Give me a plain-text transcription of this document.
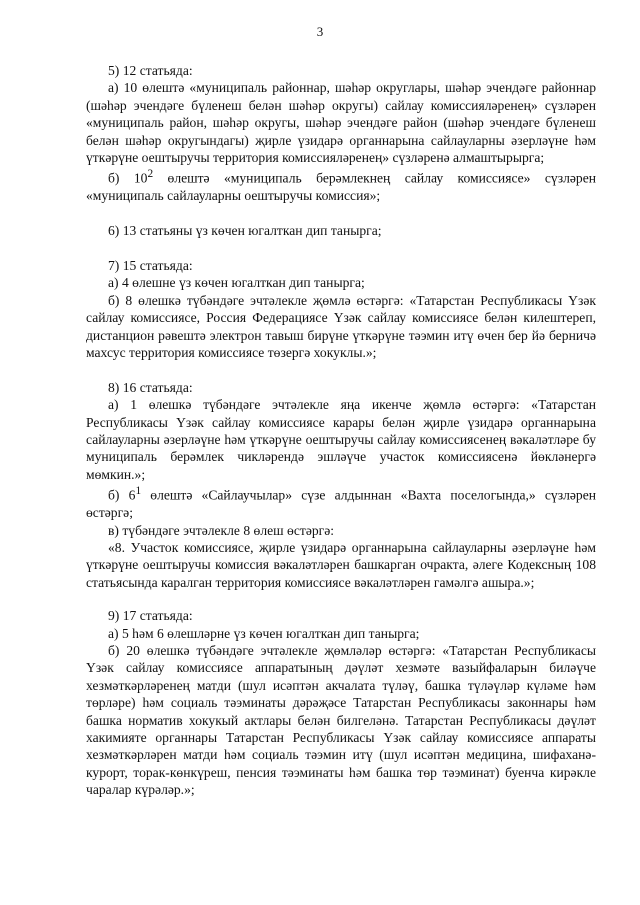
3

5) 12 статьяда:

а) 10 өлештә «муниципаль районнар, шәһәр округлары, шәһәр эчендәге районнар (шәһәр эчендәге бүленеш белән шәһәр округы) сайлау комиссияләренең» сүзләрен «муниципаль район, шәһәр округы, шәһәр эчендәге район (шәһәр эчендәге бүленеш белән шәһәр округындагы) җирле үзидарә органнарына сайлауларны әзерләүне һәм үткәрүне оештыручы территория комиссияләренең» сүзләренә алмаштырырга;

б) $10^2$ өлештә «муниципаль берәмлекнең сайлау комиссиясе» сүзләрен «муниципаль сайлауларны оештыручы комиссия»;

6) 13 статьяны үз көчен югалткан дип танырга;

7) 15 статьяда:

а) 4 өлешне үз көчен югалткан дип танырга;

б) 8 өлешкә түбәндәге эчтәлекле җөмлә өстәргә: «Татарстан Республикасы Үзәк сайлау комиссиясе, Россия Федерациясе Үзәк сайлау комиссиясе белән килештереп, дистанцион рәвештә электрон тавыш бирүне үткәрүне тәэмин итү өчен бер йә берничә махсус территория комиссиясе төзергә хокуклы.»;

8) 16 статьяда:

а) 1 өлешкә түбәндәге эчтәлекле яңа икенче җөмлә өстәргә: «Татарстан Республикасы Үзәк сайлау комиссиясе карары белән җирле үзидарә органнарына сайлауларны әзерләүне һәм үткәрүне оештыручы сайлау комиссиясенең вәкаләтләре бу муниципаль берәмлек чикләрендә эшләүче участок комиссиясенә йөкләнергә мөмкин.»;

б) $6^1$ өлештә «Сайлаучылар» сүзе алдыннан «Вахта поселогында,» сүзләрен өстәргә;

в) түбәндәге эчтәлекле 8 өлеш өстәргә:

«8. Участок комиссиясе, җирле үзидарә органнарына сайлауларны әзерләүне һәм үткәрүне оештыручы комиссия вәкаләтләрен башкарган очракта, әлеге Кодексның 108 статьясында каралган территория комиссиясе вәкаләтләрен гамәлгә ашыра.»;

9) 17 статьяда:

а) 5 һәм 6 өлешләрне үз көчен югалткан дип танырга;

б) 20 өлешкә түбәндәге эчтәлекле җөмләләр өстәргә: «Татарстан Республикасы Үзәк сайлау комиссиясе аппаратының дәүләт хезмәте вазыйфаларын биләүче хезмәткәрләренең матди (шул исәптән акчалата түләү, башка түләүләр күләме һәм төрләре) һәм социаль тәэминаты дәрәҗәсе Татарстан Республикасы законнары һәм башка норматив хокукый актлары белән билгеләнә. Татарстан Республикасы дәүләт хакимияте органнары Татарстан Республикасы Үзәк сайлау комиссиясе аппараты хезмәткәрләрен матди һәм социаль тәэмин итү (шул исәптән медицина, шифаханә-курорт, торак-көнкүреш, пенсия тәэминаты һәм башка төр тәэминат) буенча кирәкле чаралар күрәләр.»;
